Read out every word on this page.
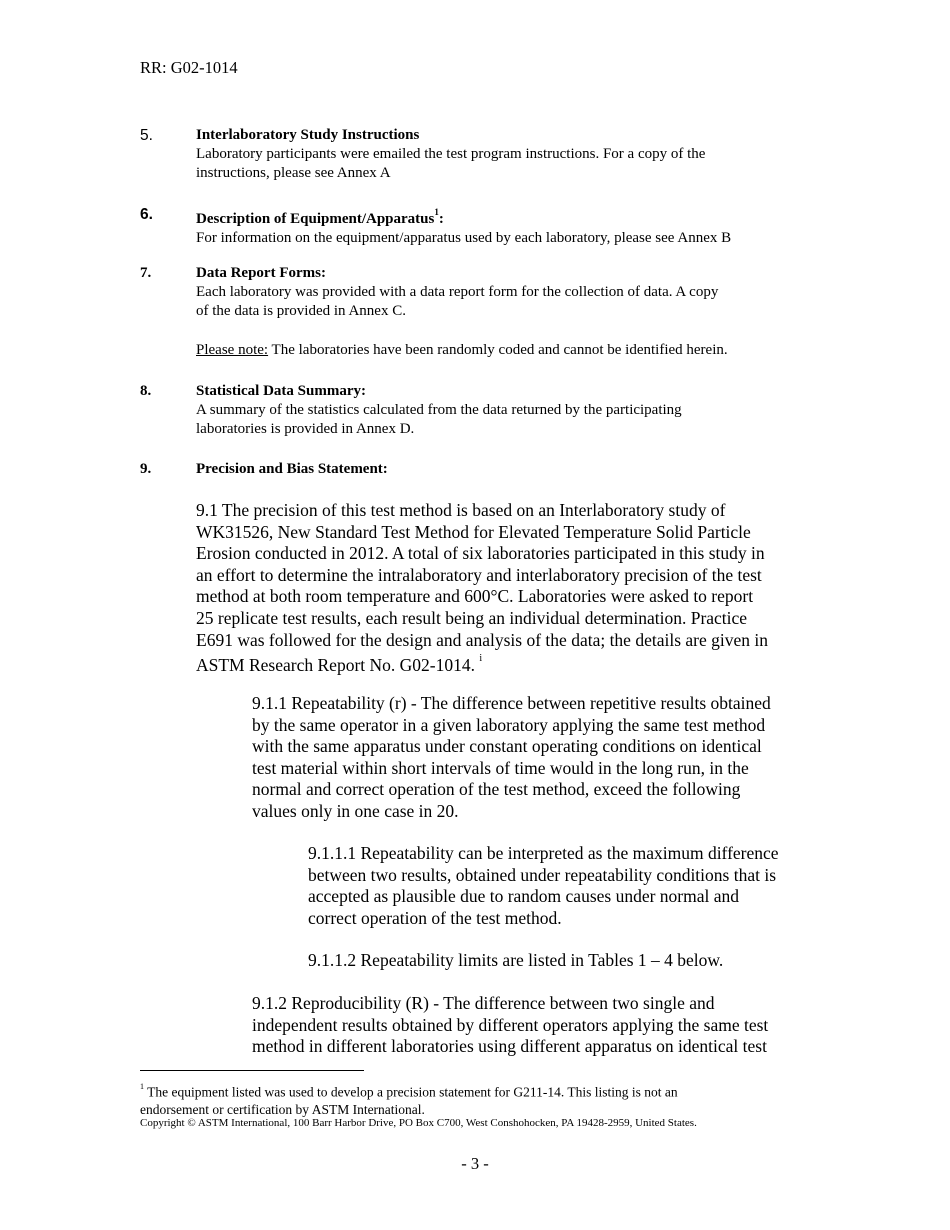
RR: G02-1014
5.	Interlaboratory Study Instructions
Laboratory participants were emailed the test program instructions. For a copy of the
instructions, please see Annex A
6.	Description of Equipment/Apparatus$^1$:
For information on the equipment/apparatus used by each laboratory, please see Annex B
7.	Data Report Forms:
Each laboratory was provided with a data report form for the collection of data. A copy
of the data is provided in Annex C.
Please note: The laboratories have been randomly coded and cannot be identified herein.
8.	Statistical Data Summary:
A summary of the statistics calculated from the data returned by the participating
laboratories is provided in Annex D.
9.	Precision and Bias Statement:
9.1 The precision of this test method is based on an Interlaboratory study of
WK31526, New Standard Test Method for Elevated Temperature Solid Particle
Erosion conducted in 2012. A total of six laboratories participated in this study in
an effort to determine the intralaboratory and interlaboratory precision of the test
method at both room temperature and 600°C. Laboratories were asked to report
25 replicate test results, each result being an individual determination. Practice
E691 was followed for the design and analysis of the data; the details are given in
ASTM Research Report No. G02-1014. $^i$
9.1.1 Repeatability (r) - The difference between repetitive results obtained
by the same operator in a given laboratory applying the same test method
with the same apparatus under constant operating conditions on identical
test material within short intervals of time would in the long run, in the
normal and correct operation of the test method, exceed the following
values only in one case in 20.
9.1.1.1 Repeatability can be interpreted as the maximum difference
between two results, obtained under repeatability conditions that is
accepted as plausible due to random causes under normal and
correct operation of the test method.
9.1.1.2 Repeatability limits are listed in Tables 1 – 4 below.
9.1.2 Reproducibility (R) - The difference between two single and
independent results obtained by different operators applying the same test
method in different laboratories using different apparatus on identical test
$^1$ The equipment listed was used to develop a precision statement for G211-14. This listing is not an
endorsement or certification by ASTM International.
Copyright © ASTM International, 100 Barr Harbor Drive, PO Box C700, West Conshohocken, PA 19428-2959, United States.
- 3 -
